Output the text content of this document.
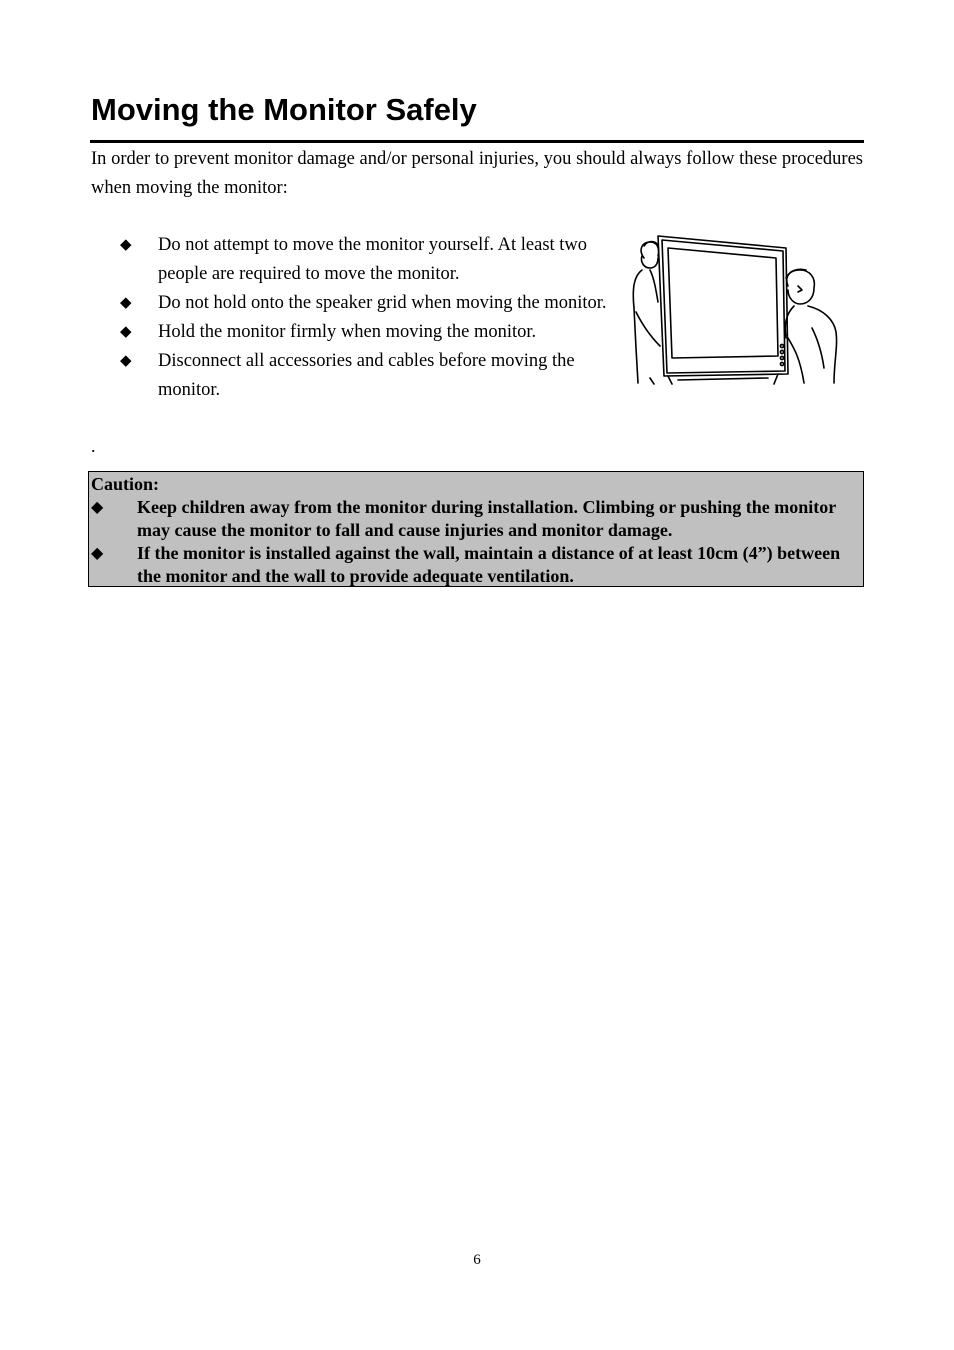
Moving the Monitor Safely

In order to prevent monitor damage and/or personal injuries, you should always follow these procedures when moving the monitor:

◆ Do not attempt to move the monitor yourself. At least two people are required to move the monitor.
◆ Do not hold onto the speaker grid when moving the monitor.
◆ Hold the monitor firmly when moving the monitor.
◆ Disconnect all accessories and cables before moving the monitor.
.
Caution:
◆ Keep children away from the monitor during installation. Climbing or pushing the monitor may cause the monitor to fall and cause injuries and monitor damage.
◆ If the monitor is installed against the wall, maintain a distance of at least 10cm (4”) between the monitor and the wall to provide adequate ventilation.
6
